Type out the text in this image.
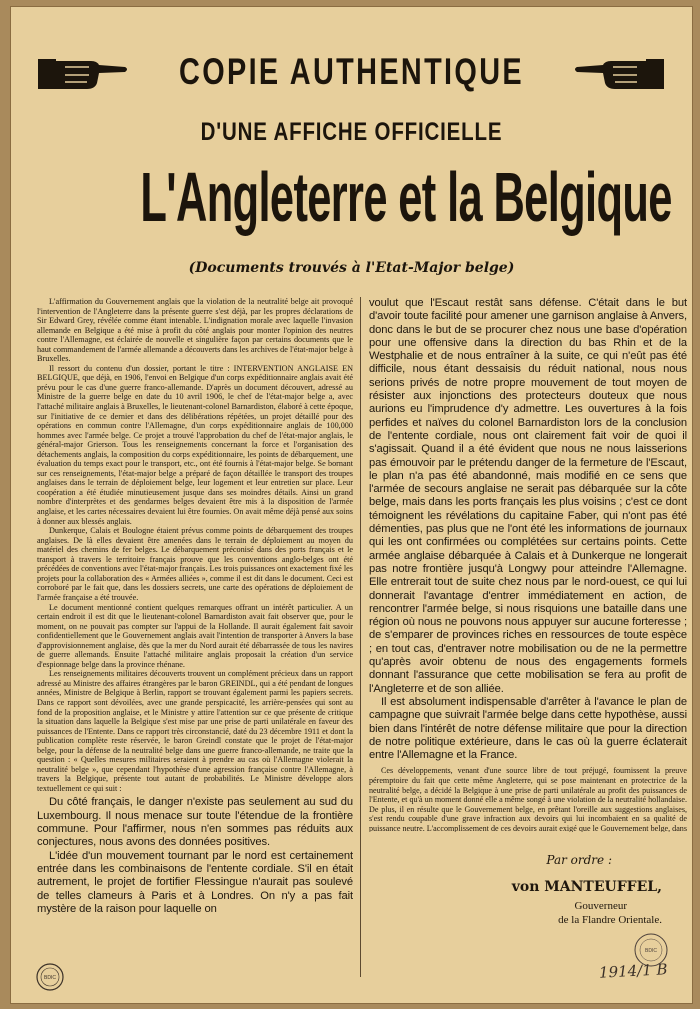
COPIE AUTHENTIQUE
D'UNE AFFICHE OFFICIELLE
L'Angleterre et la Belgique
(Documents trouvés à l'Etat-Major belge)

L'affirmation du Gouvernement anglais que la violation de la neutralité belge ait provoqué l'intervention de l'Angleterre dans la présente guerre s'est déjà, par les propres déclarations de Sir Edward Grey, révélée comme étant intenable. L'indignation morale avec laquelle l'invasion allemande en Belgique a été mise à profit du côté anglais pour monter l'opinion des neutres contre l'Allemagne, est éclairée de nouvelle et singulière façon par certains documents que le haut commandement de l'armée allemande a découverts dans les archives de l'état-major belge à Bruxelles.

Il ressort du contenu d'un dossier, portant le titre : INTERVENTION ANGLAISE EN BELGIQUE, que déjà, en 1906, l'envoi en Belgique d'un corps expéditionnaire anglais avait été prévu pour le cas d'une guerre franco-allemande. D'après un document découvert, adressé au Ministre de la guerre belge en date du 10 avril 1906, le chef de l'état-major belge a, avec l'attaché militaire anglais à Bruxelles, le lieutenant-colonel Barnardiston, élaboré à cette époque, sur l'initiative de ce dernier et dans des délibérations répétées, un projet détaillé pour des opérations en commun contre l'Allemagne, d'un corps expéditionnaire anglais de 100,000 hommes avec l'armée belge. Ce projet a trouvé l'approbation du chef de l'état-major anglais, le général-major Grierson. Tous les renseignements concernant la force et l'organisation des détachements anglais, la composition du corps expéditionnaire, les points de débarquement, une évaluation du temps exact pour le transport, etc., ont été fournis à l'état-major belge. Se bornant sur ces renseignements, l'état-major belge a préparé de façon détaillée le transport des troupes anglaises dans le terrain de déploiement belge, leur logement et leur entretien sur place. Leur coopération a été étudiée minutieusement jusque dans ses moindres détails. Ainsi un grand nombre d'interprètes et des gendarmes belges devaient être mis à la disposition de l'armée anglaise, et les cartes nécessaires devaient lui être fournies. On avait même déjà pensé aux soins à donner aux blessés anglais.

Dunkerque, Calais et Boulogne étaient prévus comme points de débarquement des troupes anglaises. De là elles devaient être amenées dans le terrain de déploiement au moyen du matériel des chemins de fer belges. Le débarquement préconisé dans des ports français et le transport à travers le territoire français prouve que les conventions anglo-belges ont été précédées de conventions avec l'état-major français. Les trois puissances ont exactement fixé les projets pour la collaboration des « Armées alliées », comme il est dit dans le document. Ceci est corroboré par le fait que, dans les dossiers secrets, une carte des opérations de déploiement de l'armée française a été trouvée.

Le document mentionné contient quelques remarques offrant un intérêt particulier. A un certain endroit il est dit que le lieutenant-colonel Barnardiston avait fait observer que, pour le moment, on ne pouvait pas compter sur l'appui de la Hollande. Il aurait également fait savoir confidentiellement que le Gouvernement anglais avait l'intention de transporter à Anvers la base d'approvisionnement anglaise, dès que la mer du Nord aurait été débarrassée de tous les navires de guerre allemands. Ensuite l'attaché militaire anglais proposait la création d'un service d'espionnage belge dans la province rhénane.

Les renseignements militaires découverts trouvent un complément précieux dans un rapport adressé au Ministre des affaires étrangères par le baron GREINDL, qui a été pendant de longues années, Ministre de Belgique à Berlin, rapport se trouvant également parmi les papiers secrets. Dans ce rapport sont dévoilées, avec une grande perspicacité, les arrière-pensées qui sont au fond de la proposition anglaise, et le Ministre y attire l'attention sur ce que présente de critique la situation dans laquelle la Belgique s'est mise par une prise de parti unilatérale en faveur des puissances de l'Entente. Dans ce rapport très circonstancié, daté du 23 décembre 1911 et dont la publication complète reste réservée, le baron Greindl constate que le projet de l'état-major belge, pour la défense de la neutralité belge dans une guerre franco-allemande, ne traite que la question : « Quelles mesures militaires seraient à prendre au cas où l'Allemagne violerait la neutralité belge », que cependant l'hypothèse d'une agression française contre l'Allemagne, à travers la Belgique, présente tout autant de probabilités. Le Ministre développe alors textuellement ce qui suit :

Du côté français, le danger n'existe pas seulement au sud du Luxembourg. Il nous menace sur toute l'étendue de la frontière commune. Pour l'affirmer, nous n'en sommes pas réduits aux conjectures, nous avons des données positives.

L'idée d'un mouvement tournant par le nord est certainement entrée dans les combinaisons de l'entente cordiale. S'il en était autrement, le projet de fortifier Flessingue n'aurait pas soulevé de telles clameurs à Paris et à Londres. On n'y a pas fait mystère de la raison pour laquelle on

voulut que l'Escaut restât sans défense. C'était dans le but d'avoir toute facilité pour amener une garnison anglaise à Anvers, donc dans le but de se procurer chez nous une base d'opération pour une offensive dans la direction du bas Rhin et de la Westphalie et de nous entraîner à la suite, ce qui n'eût pas été difficile, nous étant dessaisis du réduit national, nous nous serions privés de notre propre mouvement de tout moyen de résister aux injonctions des protecteurs douteux que nous aurions eu l'imprudence d'y admettre. Les ouvertures à la fois perfides et naïves du colonel Barnardiston lors de la conclusion de l'entente cordiale, nous ont clairement fait voir de quoi il s'agissait. Quand il a été évident que nous ne nous laisserions pas émouvoir par le prétendu danger de la fermeture de l'Escaut, le plan n'a pas été abandonné, mais modifié en ce sens que l'armée de secours anglaise ne serait pas débarquée sur la côte belge, mais dans les ports français les plus voisins ; c'est ce dont témoignent les révélations du capitaine Faber, qui n'ont pas été démenties, pas plus que ne l'ont été les informations de journaux qui les ont confirmées ou complétées sur certains points. Cette armée anglaise débarquée à Calais et à Dunkerque ne longerait pas notre frontière jusqu'à Longwy pour atteindre l'Allemagne. Elle entrerait tout de suite chez nous par le nord-ouest, ce qui lui donnerait l'avantage d'entrer immédiatement en action, de rencontrer l'armée belge, si nous risquions une bataille dans une région où nous ne pouvons nous appuyer sur aucune forteresse ; de s'emparer de provinces riches en ressources de toute espèce ; en tout cas, d'entraver notre mobilisation ou de ne la permettre qu'après avoir obtenu de nous des engagements formels donnant l'assurance que cette mobilisation se fera au profit de l'Angleterre et de son alliée.

Il est absolument indispensable d'arrêter à l'avance le plan de campagne que suivrait l'armée belge dans cette hypothèse, aussi bien dans l'intérêt de notre défense militaire que pour la direction de notre politique extérieure, dans le cas où la guerre éclaterait entre l'Allemagne et la France.

Ces développements, venant d'une source libre de tout préjugé, fournissent la preuve péremptoire du fait que cette même Angleterre, qui se pose maintenant en protectrice de la neutralité belge, a décidé la Belgique à une prise de parti unilatérale au profit des puissances de l'Entente, et qu'à un moment donné elle a même songé à une violation de la neutralité hollandaise. De plus, il en résulte que le Gouvernement belge, en prêtant l'oreille aux suggestions anglaises, s'est rendu coupable d'une grave infraction aux devoirs qui lui incombaient en sa qualité de puissance neutre. L'accomplissement de ces devoirs aurait exigé que le Gouvernement belge, dans

Par ordre :
von MANTEUFFEL,
Gouverneur
de la Flandre Orientale.
BDIC
BDIC
1914/1 B
